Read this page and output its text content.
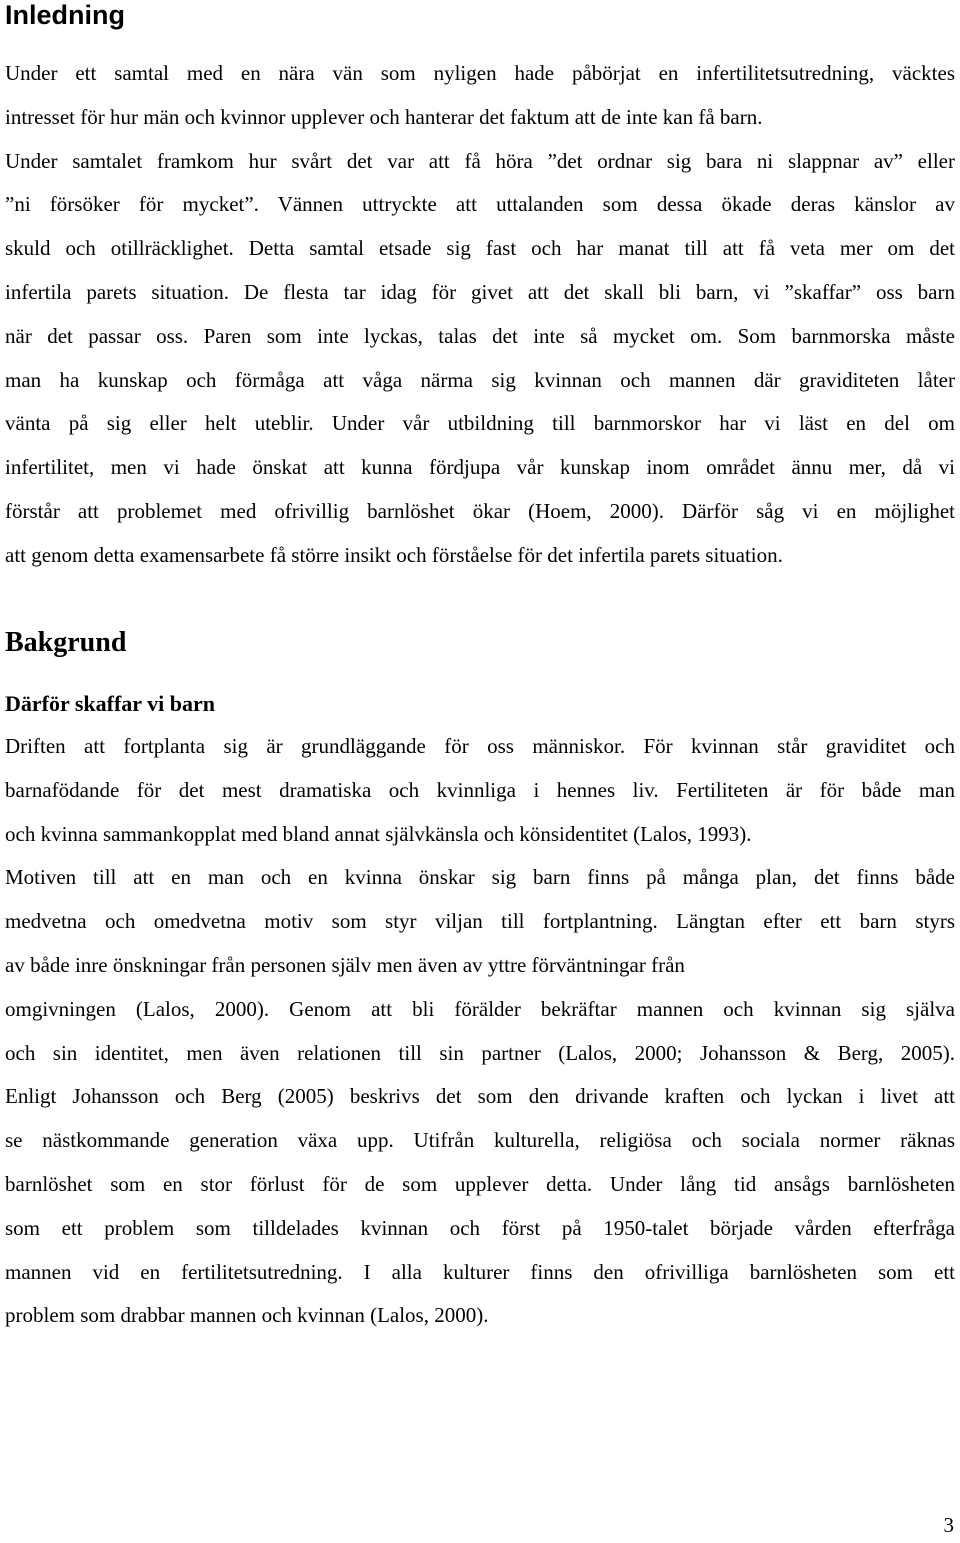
Inledning

Under ett samtal med en nära vän som nyligen hade påbörjat en infertilitetsutredning, väcktes
intresset för hur män och kvinnor upplever och hanterar det faktum att de inte kan få barn.
Under samtalet framkom hur svårt det var att få höra ”det ordnar sig bara ni slappnar av” eller
”ni försöker för mycket”. Vännen uttryckte att uttalanden som dessa ökade deras känslor av
skuld och otillräcklighet. Detta samtal etsade sig fast och har manat till att få veta mer om det
infertila parets situation. De flesta tar idag för givet att det skall bli barn, vi ”skaffar” oss barn
när det passar oss. Paren som inte lyckas, talas det inte så mycket om. Som barnmorska måste
man ha kunskap och förmåga att våga närma sig kvinnan och mannen där graviditeten låter
vänta på sig eller helt uteblir. Under vår utbildning till barnmorskor har vi läst en del om
infertilitet, men vi hade önskat att kunna fördjupa vår kunskap inom området ännu mer, då vi
förstår att problemet med ofrivillig barnlöshet ökar (Hoem, 2000). Därför såg vi en möjlighet
att genom detta examensarbete få större insikt och förståelse för det infertila parets situation.

Bakgrund
Därför skaffar vi barn

Driften att fortplanta sig är grundläggande för oss människor. För kvinnan står graviditet och
barnafödande för det mest dramatiska och kvinnliga i hennes liv. Fertiliteten är för både man
och kvinna sammankopplat med bland annat självkänsla och könsidentitet (Lalos, 1993).
Motiven till att en man och en kvinna önskar sig barn finns på många plan, det finns både
medvetna och omedvetna motiv som styr viljan till fortplantning. Längtan efter ett barn styrs
av både inre önskningar från personen själv men även av yttre förväntningar från
omgivningen (Lalos, 2000). Genom att bli förälder bekräftar mannen och kvinnan sig själva
och sin identitet, men även relationen till sin partner (Lalos, 2000; Johansson & Berg, 2005).
Enligt Johansson och Berg (2005) beskrivs det som den drivande kraften och lyckan i livet att
se nästkommande generation växa upp. Utifrån kulturella, religiösa och sociala normer räknas
barnlöshet som en stor förlust för de som upplever detta. Under lång tid ansågs barnlösheten
som ett problem som tilldelades kvinnan och först på 1950-talet började vården efterfråga
mannen vid en fertilitetsutredning. I alla kulturer finns den ofrivilliga barnlösheten som ett
problem som drabbar mannen och kvinnan (Lalos, 2000).

3
